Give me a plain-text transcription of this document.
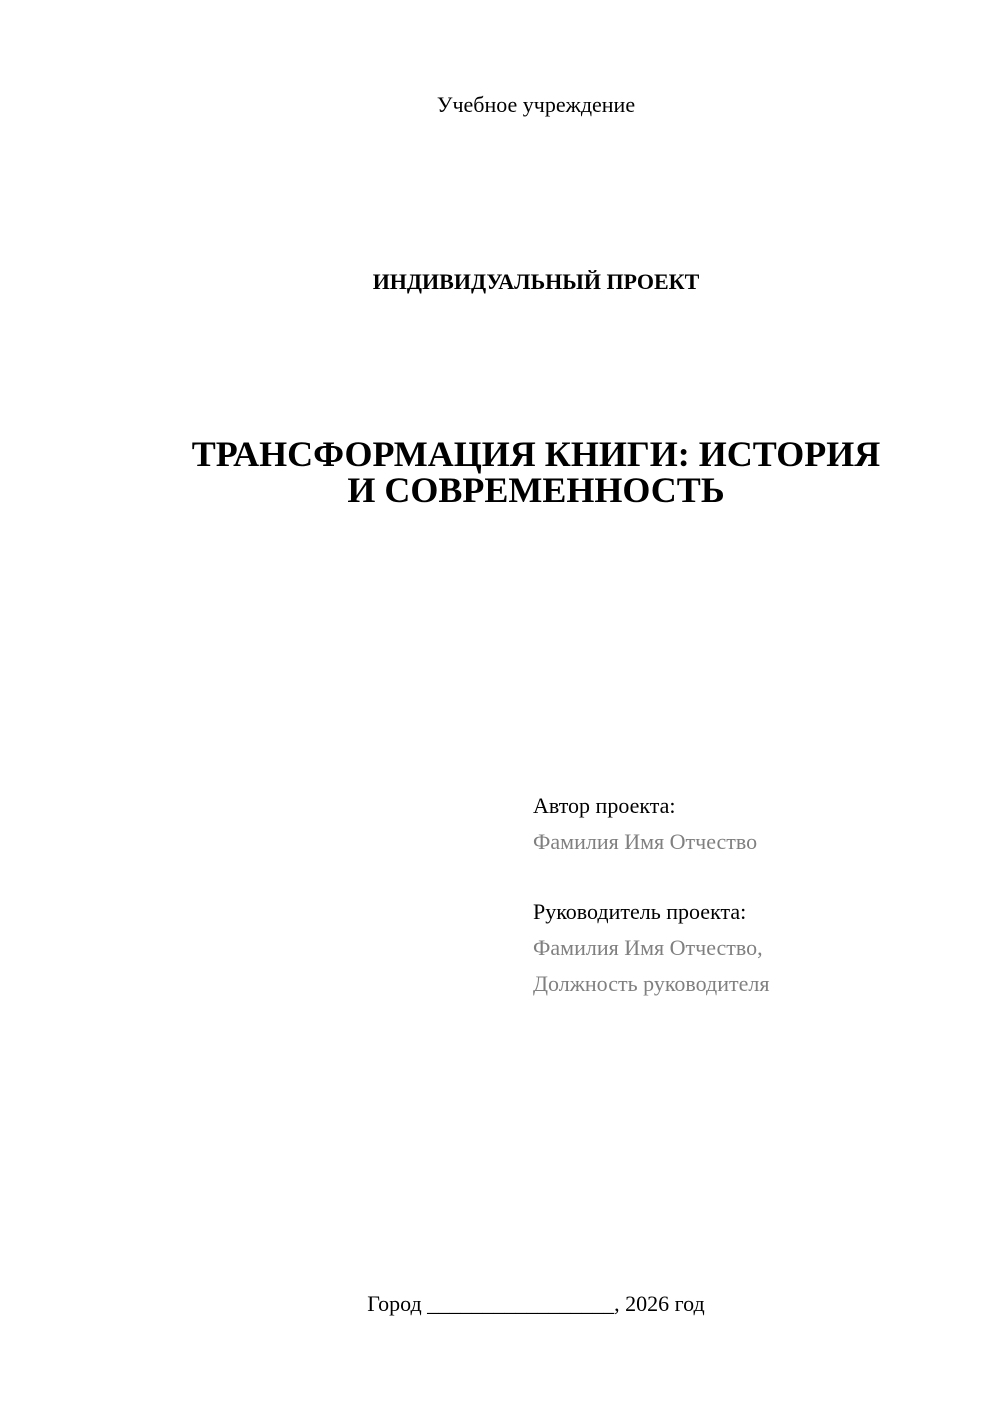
Учебное учреждение
ИНДИВИДУАЛЬНЫЙ ПРОЕКТ
ТРАНСФОРМАЦИЯ КНИГИ: ИСТОРИЯ
И СОВРЕМЕННОСТЬ
Автор проекта:
Фамилия Имя Отчество
Руководитель проекта:
Фамилия Имя Отчество,
Должность руководителя
Город _________________, 2026 год
